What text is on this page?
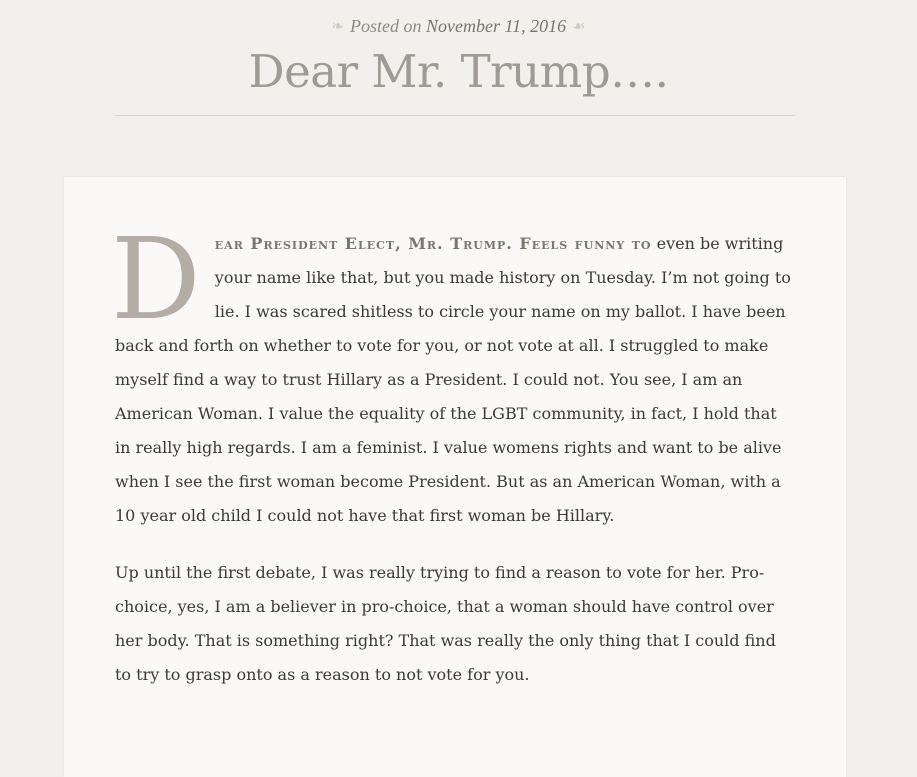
❧ Posted on November 11, 2016 ☙
Dear Mr. Trump….

Dear President Elect, Mr. Trump. Feels funny to even be writing your name like that, but you made history on Tuesday. I’m not going to lie. I was scared shitless to circle your name on my ballot. I have been back and forth on whether to vote for you, or not vote at all. I struggled to make myself find a way to trust Hillary as a President. I could not. You see, I am an American Woman. I value the equality of the LGBT community, in fact, I hold that in really high regards. I am a feminist. I value womens rights and want to be alive when I see the first woman become President. But as an American Woman, with a 10 year old child I could not have that first woman be Hillary.

Up until the first debate, I was really trying to find a reason to vote for her. Pro-choice, yes, I am a believer in pro-choice, that a woman should have control over her body. That is something right? That was really the only thing that I could find to try to grasp onto as a reason to not vote for you.
